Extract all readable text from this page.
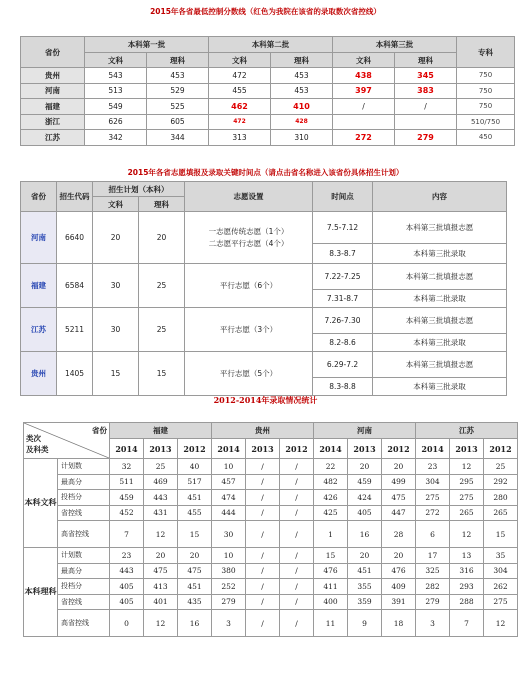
2015年各省最低控制分数线（红色为我院在该省的录取数次省控线）
省份	本科第一批		本科第二批		本科第三批		专科
	文科	理科	文科	理科	文科	理科	
贵州	543	453	472	453	438	345	750
河南	513	529	455	453	397	383	750
福建	549	525	462	410	/	/	750
浙江	626	605	472	428			510/750
江苏	342	344	313	310	272	279	450
2015年各省志愿填报及录取关键时间点（请点击省名称进入该省份具体招生计划）
省份	招生代码	招生计划（本科）		志愿设置	时间点	内容
		文科	理科			
河南	6640	20	20	一志愿传统志愿（1个）
二志愿平行志愿（4个）	7.5-7.12	本科第三批填报志愿
					8.3-8.7	本科第三批录取
福建	6584	30	25	平行志愿（6个）	7.22-7.25	本科第二批填报志愿
					7.31-8.7	本科第二批录取
江苏	5211	30	25	平行志愿（3个）	7.26-7.30	本科第三批填报志愿
					8.2-8.6	本科第三批录取
贵州	1405	15	15	平行志愿（5个）	6.29-7.2	本科第三批填报志愿
					8.3-8.8	本科第三批录取
2012-2014年录取情况统计
省份
类次
及科类		福建			贵州			河南			江苏		
		2014	2013	2012	2014	2013	2012	2014	2013	2012	2014	2013	2012
本科文科	计划数	32	25	40	10	/	/	22	20	20	23	12	25
	最高分	511	469	517	457	/	/	482	459	499	304	295	292
	投档分	459	443	451	474	/	/	426	424	475	275	275	280
	省控线	452	431	455	444	/	/	425	405	447	272	265	265
	高省控线	7	12	15	30	/	/	1	16	28	6	12	15
本科理科	计划数	23	20	20	10	/	/	15	20	20	17	13	35
	最高分	443	475	475	380	/	/	476	451	476	325	316	304
	投档分	405	413	451	252	/	/	411	355	409	282	293	262
	省控线	405	401	435	279	/	/	400	359	391	279	288	275
	高省控线	0	12	16	3	/	/	11	9	18	3	7	12
